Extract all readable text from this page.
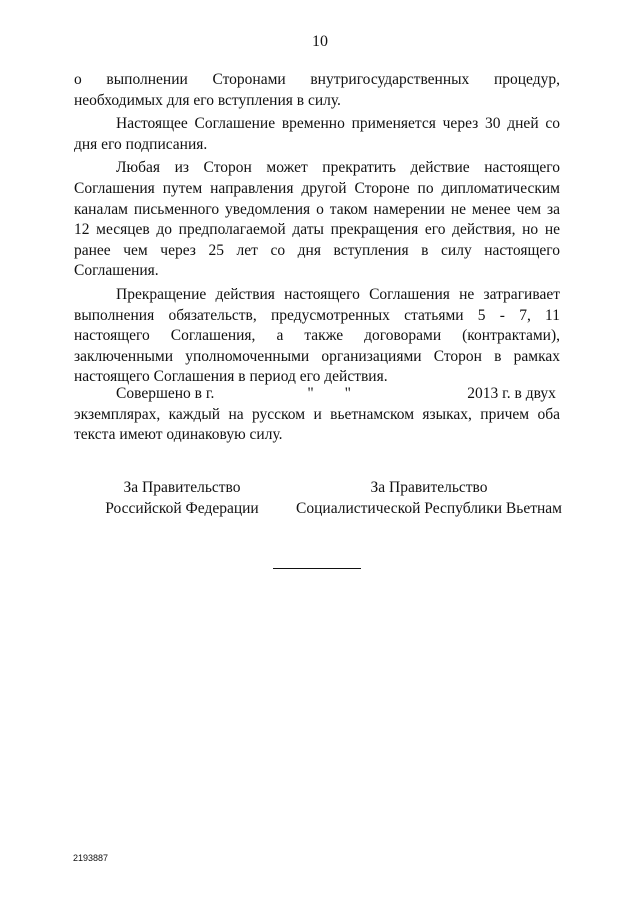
10

о выполнении Сторонами внутригосударственных процедур, необходимых для его вступления в силу.

Настоящее Соглашение временно применяется через 30 дней со дня его подписания.

Любая из Сторон может прекратить действие настоящего Соглашения путем направления другой Стороне по дипломатическим каналам письменного уведомления о таком намерении не менее чем за 12 месяцев до предполагаемой даты прекращения его действия, но не ранее чем через 25 лет со дня вступления в силу настоящего Соглашения.

Прекращение действия настоящего Соглашения не затрагивает выполнения обязательств, предусмотренных статьями 5 - 7, 11 настоящего Соглашения, а также договорами (контрактами), заключенными уполномоченными организациями Сторон в рамках настоящего Соглашения в период его действия.

Совершено в г.                        "        "                              2013 г. в двух

экземплярах, каждый на русском и вьетнамском языках, причем оба текста имеют одинаковую силу.

За Правительство
Российской Федерации
За Правительство
Социалистической Республики Вьетнам
2193887
